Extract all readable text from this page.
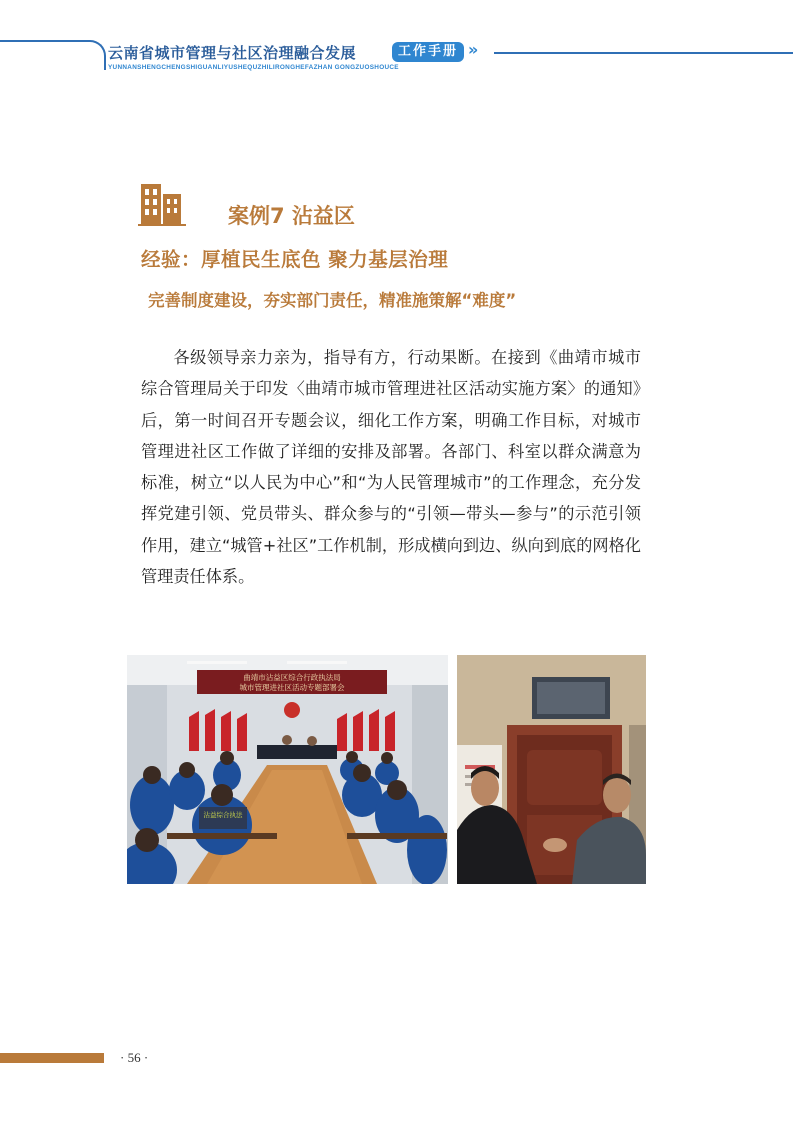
云南省城市管理与社区治理融合发展	工作手册 »
YUNNANSHENGCHENGSHIGUANLIYUSHEQUZHILIRONGHEFAZHAN GONGZUOSHOUCE
案例7 沾益区
经验：厚植民生底色 聚力基层治理
完善制度建设，夯实部门责任，精准施策解“难度”

各级领导亲力亲为，指导有方，行动果断。在接到《曲靖市城市综合管理局关于印发〈曲靖市城市管理进社区活动实施方案〉的通知》后，第一时间召开专题会议，细化工作方案，明确工作目标，对城市管理进社区工作做了详细的安排及部署。各部门、科室以群众满意为标准，树立“以人民为中心”和“为人民管理城市”的工作理念，充分发挥党建引领、党员带头、群众参与的“引领—带头—参与”的示范引领作用，建立“城管+社区”工作机制，形成横向到边、纵向到底的网格化管理责任体系。

曲靖市沾益区综合行政执法局
城市管理进社区活动专题部署会
沾益综合执法
· 56 ·
